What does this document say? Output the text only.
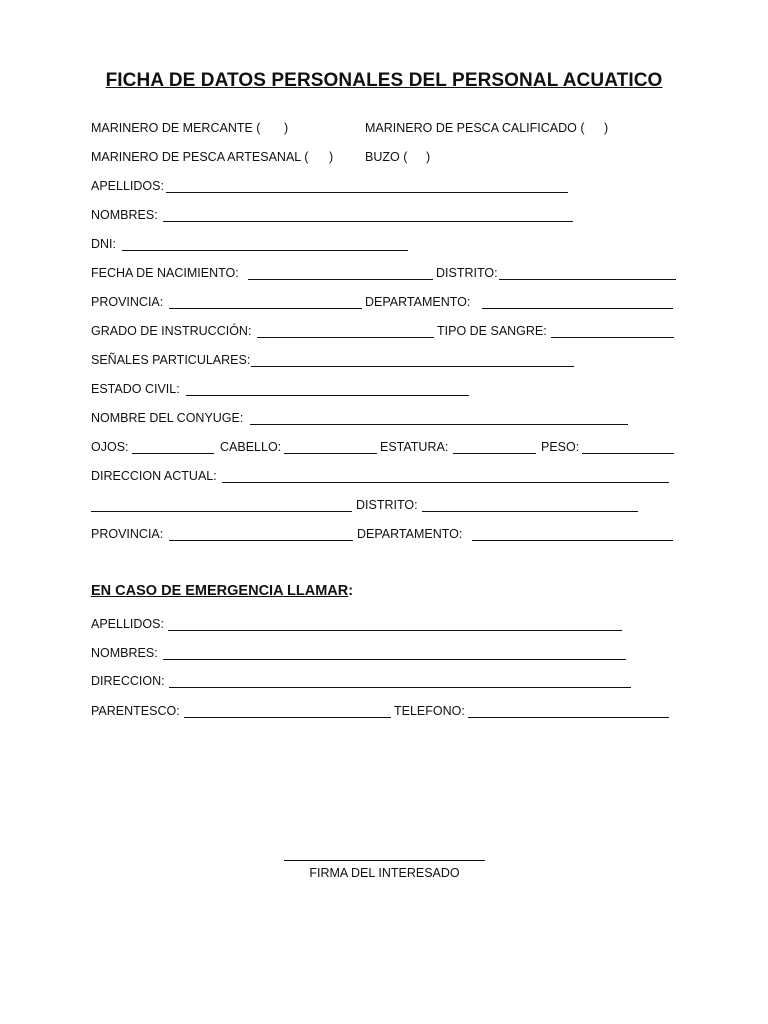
FICHA DE DATOS PERSONALES DEL PERSONAL ACUATICO
MARINERO DE MERCANTE ( )	MARINERO DE PESCA CALIFICADO ( )
MARINERO DE PESCA ARTESANAL ( )	BUZO ( )
APELLIDOS:
NOMBRES:
DNI:
FECHA DE NACIMIENTO:	DISTRITO:
PROVINCIA:	DEPARTAMENTO:
GRADO DE INSTRUCCIÓN:	TIPO DE SANGRE:
SEÑALES PARTICULARES:
ESTADO CIVIL:
NOMBRE DEL CONYUGE:
OJOS:	CABELLO:	ESTATURA:	PESO:
DIRECCION ACTUAL:
DISTRITO:
PROVINCIA:	DEPARTAMENTO:
EN CASO DE EMERGENCIA LLAMAR:
APELLIDOS:
NOMBRES:
DIRECCION:
PARENTESCO:	TELEFONO:
FIRMA DEL INTERESADO
